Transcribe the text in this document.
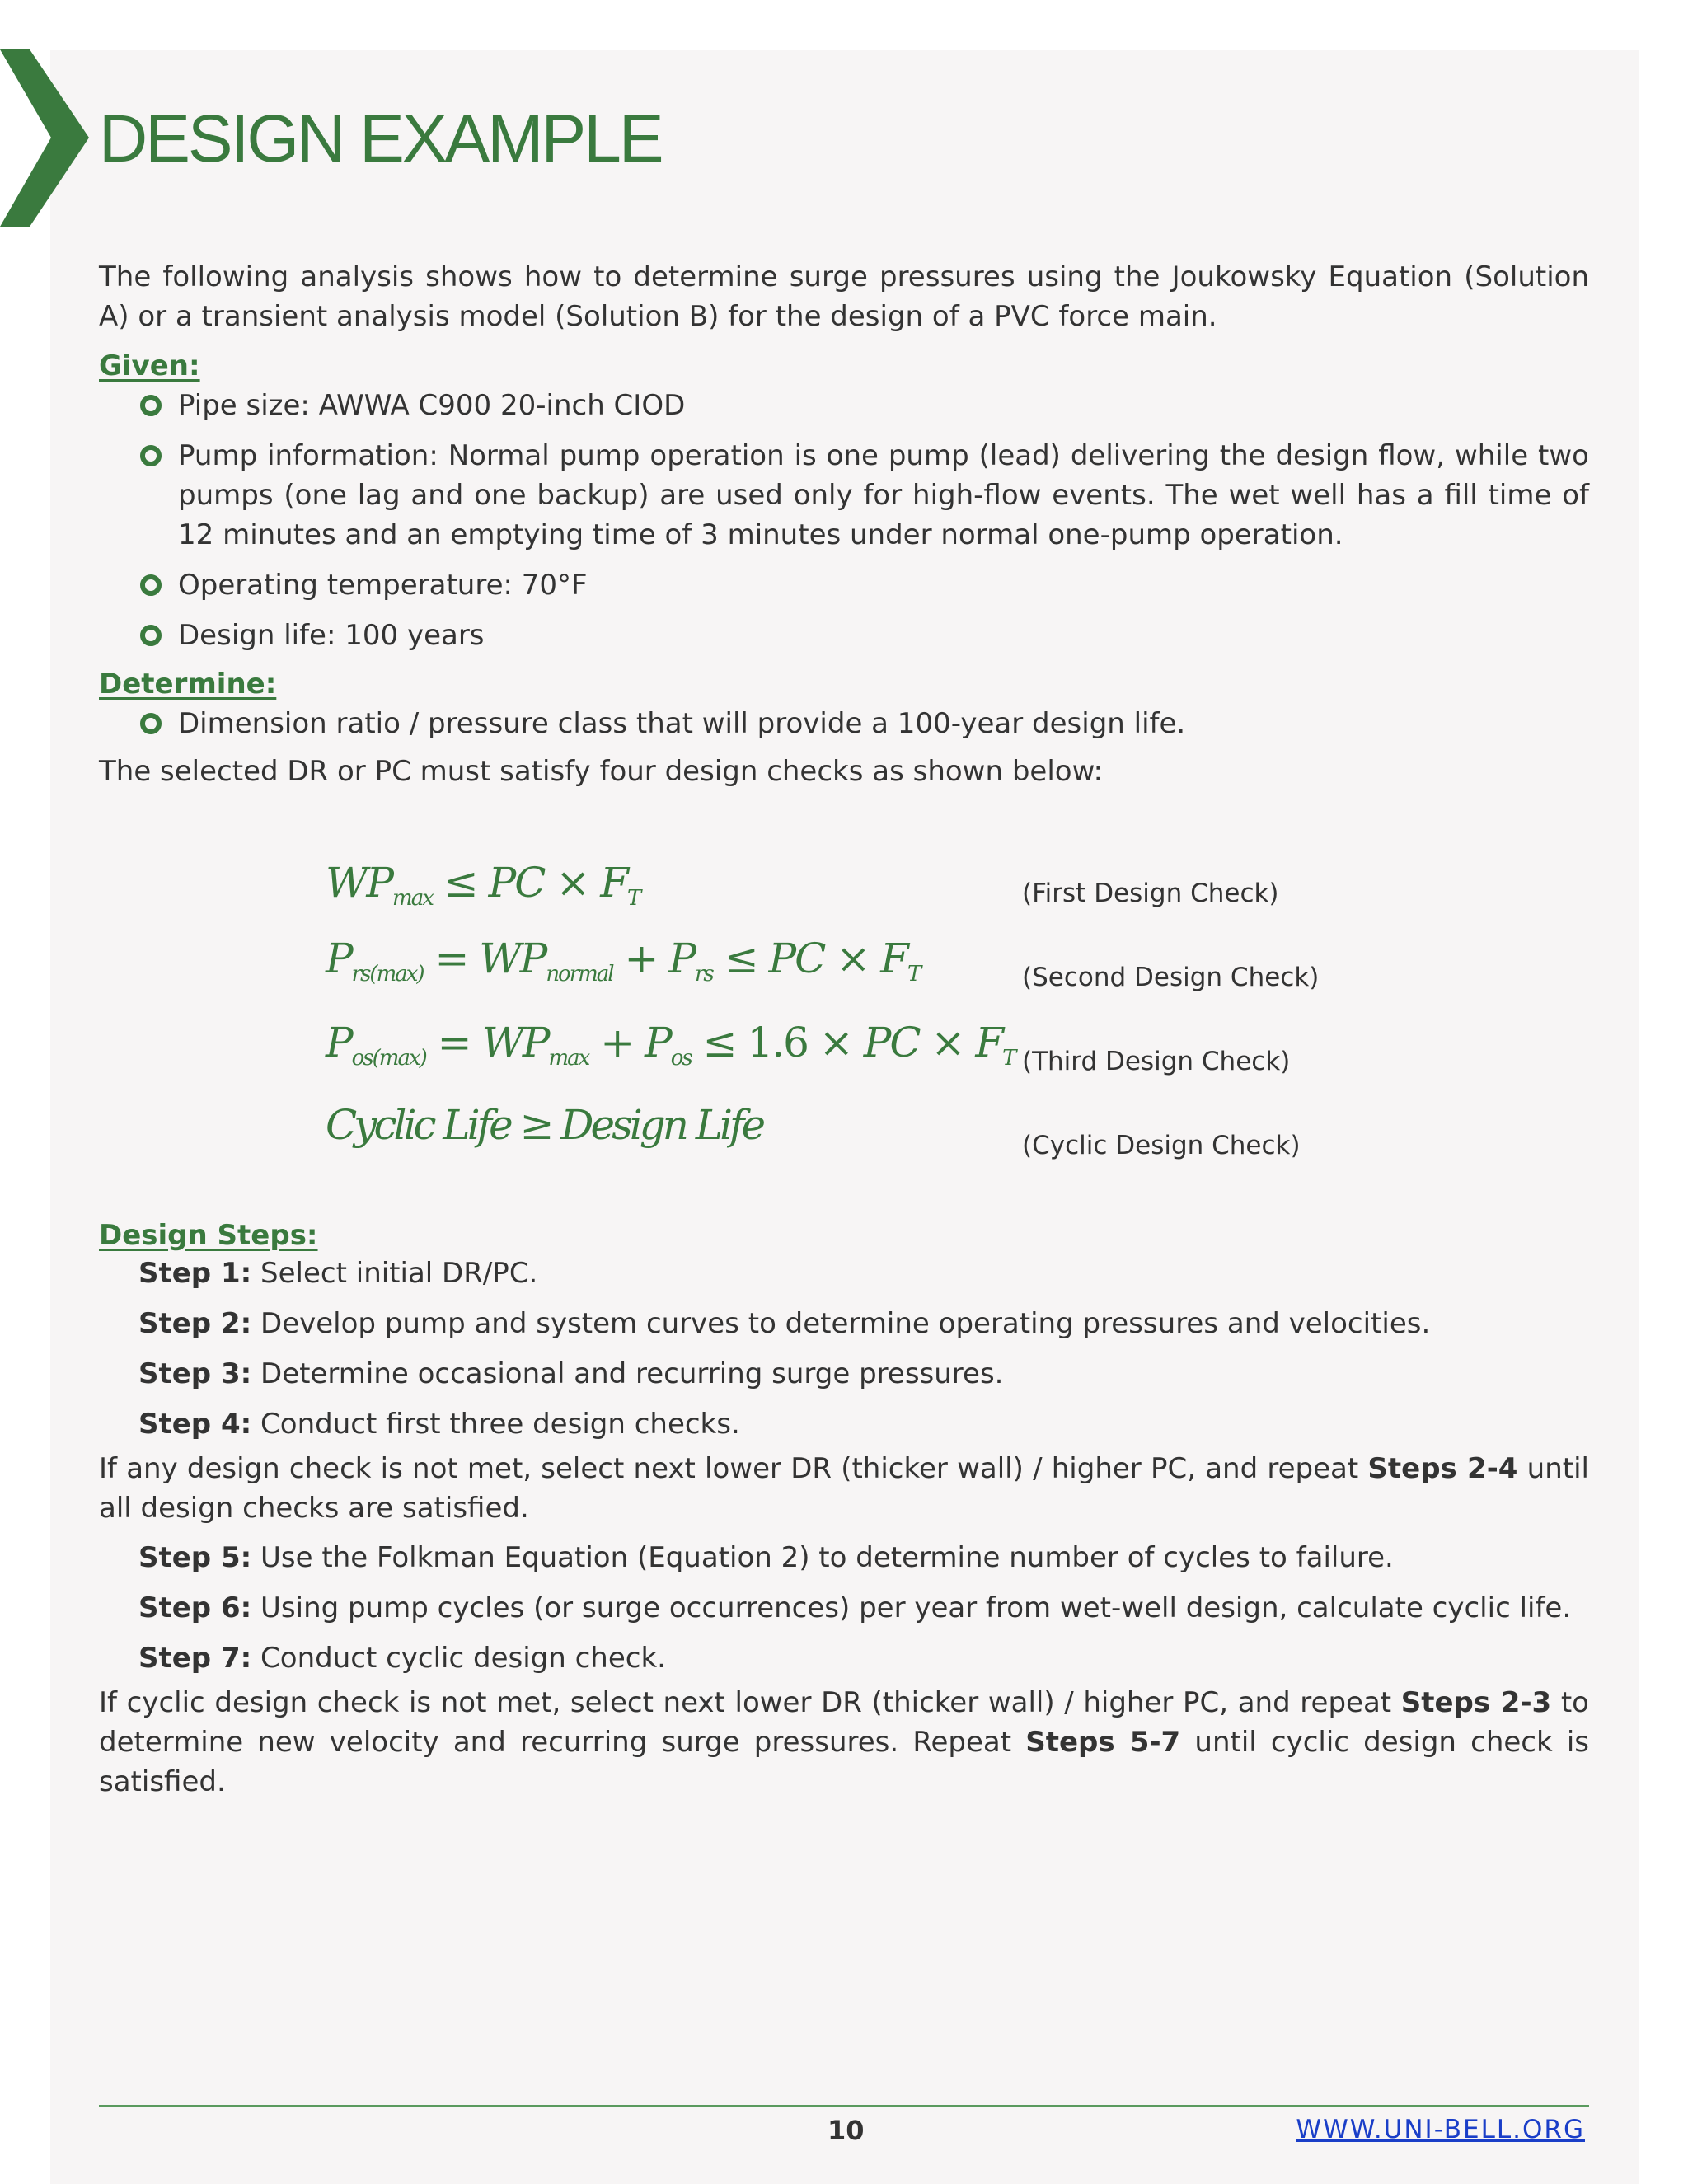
DESIGN EXAMPLE

The following analysis shows how to determine surge pressures using the Joukowsky Equation (Solution A) or a transient analysis model (Solution B) for the design of a PVC force main.

Given:

Pipe size: AWWA C900 20-inch CIOD
Pump information: Normal pump operation is one pump (lead) delivering the design flow, while two pumps (one lag and one backup) are used only for high-flow events. The wet well has a fill time of 12 minutes and an emptying time of 3 minutes under normal one-pump operation.
Operating temperature: 70°F
Design life: 100 years

Determine:

Dimension ratio / pressure class that will provide a 100-year design life.

The selected DR or PC must satisfy four design checks as shown below:

$WP_{max}$ ≤ PC × $F_T$	(First Design Check)
$P_{rs(max)} = WP_{normal} + P_{rs}$ ≤ PC × $F_T$	(Second Design Check)
$P_{os(max)} = WP_{max} + P_{os} \le 1.6$ × PC × $F_T$ (Third Design Check)
Cyclic Life ≥ Design Life	(Cyclic Design Check)

Design Steps:

Step 1: Select initial DR/PC.

Step 2: Develop pump and system curves to determine operating pressures and velocities.

Step 3: Determine occasional and recurring surge pressures.

Step 4: Conduct first three design checks.

If any design check is not met, select next lower DR (thicker wall) / higher PC, and repeat Steps 2-4 until all design checks are satisfied.

Step 5: Use the Folkman Equation (Equation 2) to determine number of cycles to failure.

Step 6: Using pump cycles (or surge occurrences) per year from wet-well design, calculate cyclic life.

Step 7: Conduct cyclic design check.

If cyclic design check is not met, select next lower DR (thicker wall) / higher PC, and repeat Steps 2-3 to determine new velocity and recurring surge pressures. Repeat Steps 5-7 until cyclic design check is satisfied.

10	WWW.UNI-BELL.ORG
